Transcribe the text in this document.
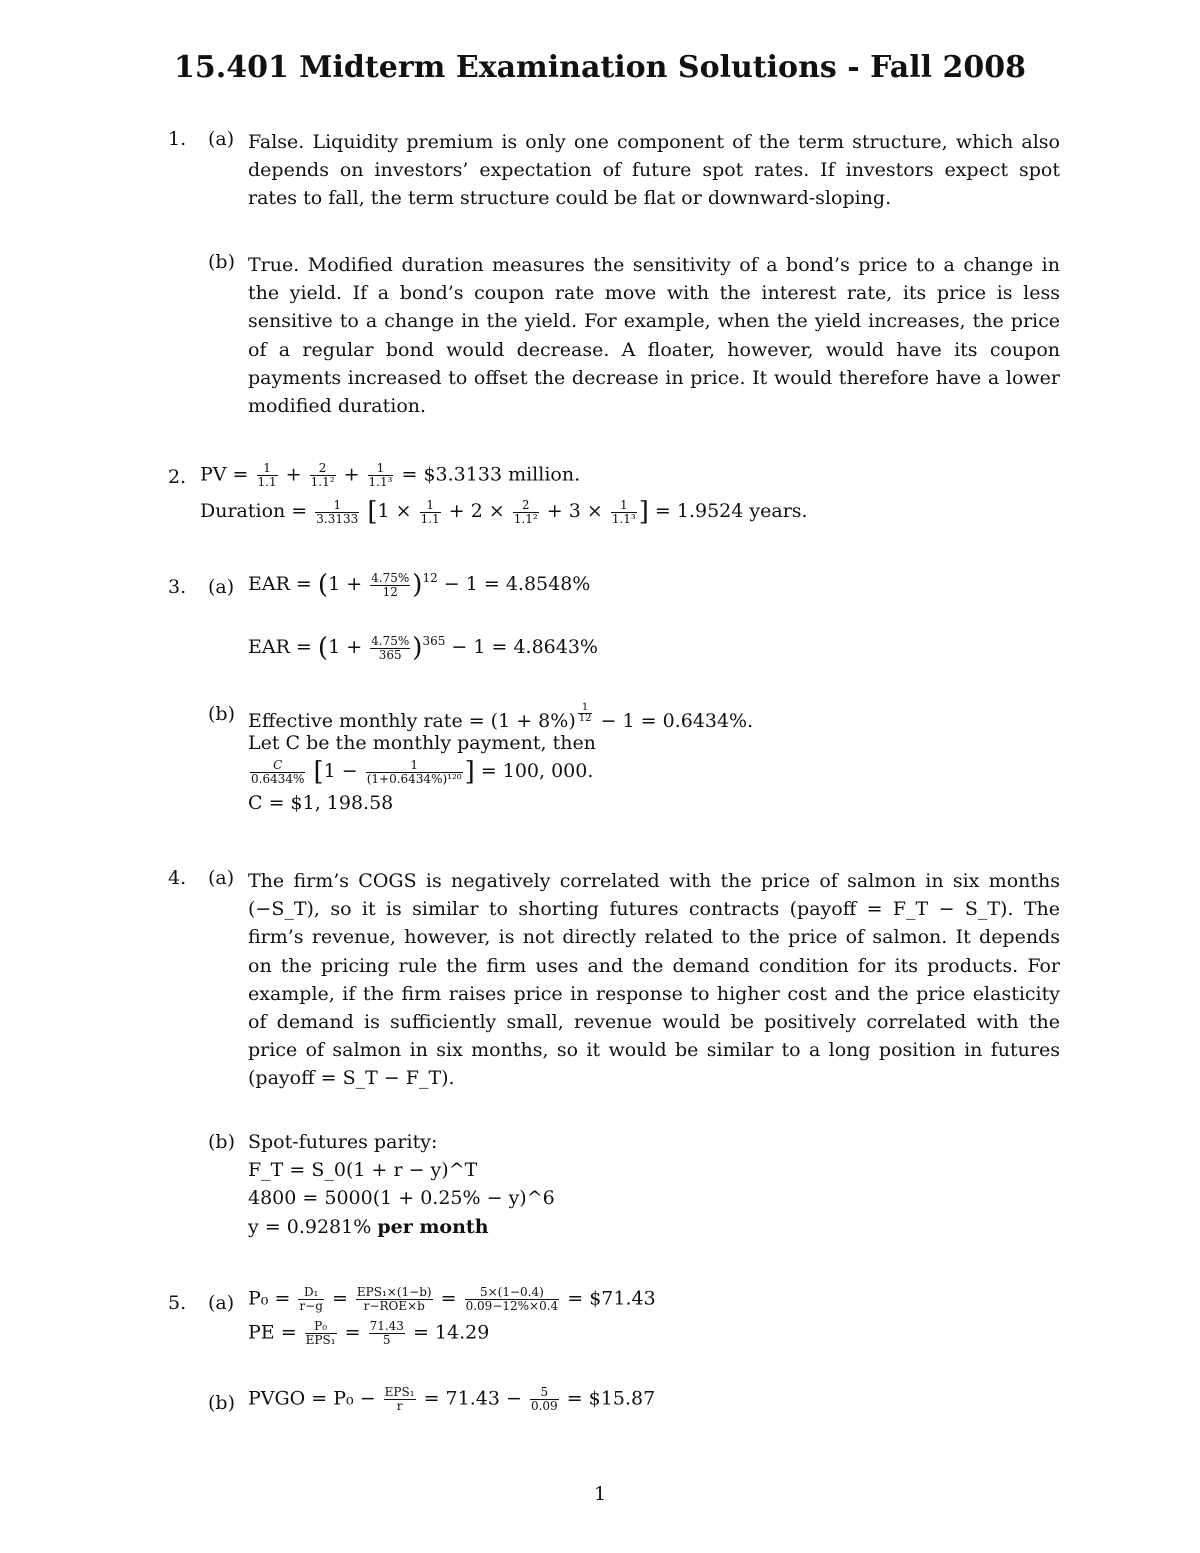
15.401 Midterm Examination Solutions - Fall 2008
1.	(a) False. Liquidity premium is only one component of the term structure, which also depends on investors’ expectation of future spot rates. If investors expect spot rates to fall, the term structure could be flat or downward-sloping.

(b) True. Modified duration measures the sensitivity of a bond’s price to a change in the yield. If a bond’s coupon rate move with the interest rate, its price is less sensitive to a change in the yield. For example, when the yield increases, the price of a regular bond would decrease. A floater, however, would have its coupon payments increased to offset the decrease in price. It would therefore have a lower modified duration.

2. PV = $\frac{1}{1.1} + \frac{2}{\text{1.1²}} + \frac{1}{\text{1.1³}}$ = $3.3133 million.
Duration = $\frac{1}{3.3133} [1 \times \frac{1}{1.1} + 2 \times \frac{2}{\text{1.1²}} + 3 \times \frac{1}{\text{1.1³}}$ ] = 1.9524 years.
3.	(a) EAR = $(1 + \frac{4.75\%}{12} )^{12} - 1 = 4.8548\%$
EAR = $(1 + \frac{4.75\%}{365} )^{365} - 1 = 4.8643\%$
(b) Effective monthly rate = $(1 + 8\%) \frac{1}{12} - 1 = 0.6434\%$.
Let C be the monthly payment, then
$\frac{C}{0.6434\%} [1 - \frac{1}{\text{(1+0.6434\%)¹²⁰}}$ ] = 100, 000.
C = $1, 198.58
4.	(a) The firm’s COGS is negatively correlated with the price of salmon in six months (−S_T), so it is similar to shorting futures contracts (payoff = F_T − S_T). The firm’s revenue, however, is not directly related to the price of salmon. It depends on the pricing rule the firm uses and the demand condition for its products. For example, if the firm raises price in response to higher cost and the price elasticity of demand is sufficiently small, revenue would be positively correlated with the price of salmon in six months, so it would be similar to a long position in futures (payoff = S_T − F_T).

(b) Spot-futures parity:
F_T = S_0(1 + r − y)^T
4800 = 5000(1 + 0.25% − y)^6
y = 0.9281% per month
5.	(a) $P_0 = \frac{\text{D₁}}{r-g} = \frac{\text{EPS₁×(1−b)}}{\text{r−ROE×b}} = \frac{5\times(1-0.4)}{0.09-12\%\times 0.4}$ = $71.43
PE = $\frac{\text{P₀}}{\text{EPS₁}} = \frac{71.43}{5} = 14.29$
(b) PVGO = $P_0 - \frac{\text{EPS₁}}{r} = 71.43 - \frac{5}{0.09}$ = $15.87
1
